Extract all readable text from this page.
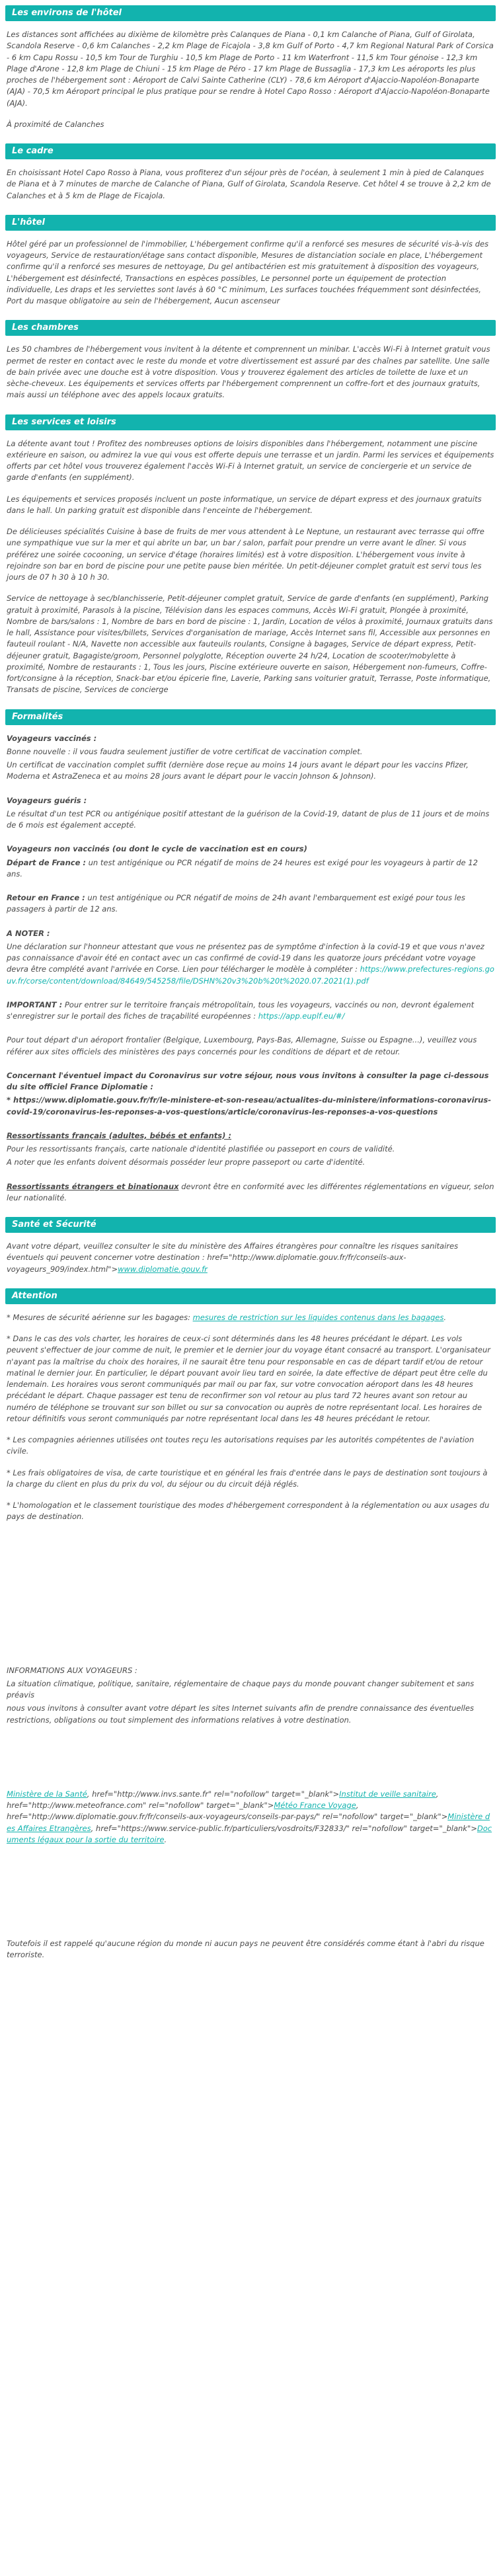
Les environs de l'hôtel

Les distances sont affichées au dixième de kilomètre près Calanques de Piana - 0,1 km Calanche of Piana, Gulf of Girolata, Scandola Reserve - 0,6 km Calanches - 2,2 km Plage de Ficajola - 3,8 km Gulf of Porto - 4,7 km Regional Natural Park of Corsica - 6 km Capu Rossu - 10,5 km Tour de Turghiu - 10,5 km Plage de Porto - 11 km Waterfront - 11,5 km Tour génoise - 12,3 km Plage d'Arone - 12,8 km Plage de Chiuni - 15 km Plage de Péro - 17 km Plage de Bussaglia - 17,3 km Les aéroports les plus proches de l'hébergement sont : Aéroport de Calvi Sainte Catherine (CLY) - 78,6 km Aéroport d'Ajaccio-Napoléon-Bonaparte (AJA) - 70,5 km Aéroport principal le plus pratique pour se rendre à Hotel Capo Rosso : Aéroport d'Ajaccio-Napoléon-Bonaparte (AJA).

À proximité de Calanches

Le cadre

En choisissant Hotel Capo Rosso à Piana, vous profiterez d'un séjour près de l'océan, à seulement 1 min à pied de Calanques de Piana et à 7 minutes de marche de Calanche of Piana, Gulf of Girolata, Scandola Reserve. Cet hôtel 4 se trouve à 2,2 km de Calanches et à 5 km de Plage de Ficajola.

L'hôtel

Hôtel géré par un professionnel de l'immobilier, L'hébergement confirme qu'il a renforcé ses mesures de sécurité vis-à-vis des voyageurs, Service de restauration/étage sans contact disponible, Mesures de distanciation sociale en place, L'hébergement confirme qu'il a renforcé ses mesures de nettoyage, Du gel antibactérien est mis gratuitement à disposition des voyageurs, L'hébergement est désinfecté, Transactions en espèces possibles, Le personnel porte un équipement de protection individuelle, Les draps et les serviettes sont lavés à 60 °C minimum, Les surfaces touchées fréquemment sont désinfectées, Port du masque obligatoire au sein de l'hébergement, Aucun ascenseur

Les chambres

Les 50 chambres de l'hébergement vous invitent à la détente et comprennent un minibar. L'accès Wi-Fi à Internet gratuit vous permet de rester en contact avec le reste du monde et votre divertissement est assuré par des chaînes par satellite. Une salle de bain privée avec une douche est à votre disposition. Vous y trouverez également des articles de toilette de luxe et un sèche-cheveux. Les équipements et services offerts par l'hébergement comprennent un coffre-fort et des journaux gratuits, mais aussi un téléphone avec des appels locaux gratuits.

Les services et loisirs

La détente avant tout ! Profitez des nombreuses options de loisirs disponibles dans l'hébergement, notamment une piscine extérieure en saison, ou admirez la vue qui vous est offerte depuis une terrasse et un jardin. Parmi les services et équipements offerts par cet hôtel vous trouverez également l'accès Wi-Fi à Internet gratuit, un service de conciergerie et un service de garde d'enfants (en supplément).

Les équipements et services proposés incluent un poste informatique, un service de départ express et des journaux gratuits dans le hall. Un parking gratuit est disponible dans l'enceinte de l'hébergement.

De délicieuses spécialités Cuisine à base de fruits de mer vous attendent à Le Neptune, un restaurant avec terrasse qui offre une sympathique vue sur la mer et qui abrite un bar, un bar / salon, parfait pour prendre un verre avant le dîner. Si vous préférez une soirée cocooning, un service d'étage (horaires limités) est à votre disposition. L'hébergement vous invite à rejoindre son bar en bord de piscine pour une petite pause bien méritée. Un petit-déjeuner complet gratuit est servi tous les jours de 07 h 30 à 10 h 30.

Service de nettoyage à sec/blanchisserie, Petit-déjeuner complet gratuit, Service de garde d'enfants (en supplément), Parking gratuit à proximité, Parasols à la piscine, Télévision dans les espaces communs, Accès Wi-Fi gratuit, Plongée à proximité, Nombre de bars/salons : 1, Nombre de bars en bord de piscine : 1, Jardin, Location de vélos à proximité, Journaux gratuits dans le hall, Assistance pour visites/billets, Services d'organisation de mariage, Accès Internet sans fil, Accessible aux personnes en fauteuil roulant - N/A, Navette non accessible aux fauteuils roulants, Consigne à bagages, Service de départ express, Petit-déjeuner gratuit, Bagagiste/groom, Personnel polyglotte, Réception ouverte 24 h/24, Location de scooter/mobylette à proximité, Nombre de restaurants : 1, Tous les jours, Piscine extérieure ouverte en saison, Hébergement non-fumeurs, Coffre-fort/consigne à la réception, Snack-bar et/ou épicerie fine, Laverie, Parking sans voiturier gratuit, Terrasse, Poste informatique, Transats de piscine, Services de concierge

Formalités

Voyageurs vaccinés :

Bonne nouvelle : il vous faudra seulement justifier de votre certificat de vaccination complet.

Un certificat de vaccination complet suffit (dernière dose reçue au moins 14 jours avant le départ pour les vaccins Pfizer, Moderna et AstraZeneca et au moins 28 jours avant le départ pour le vaccin Johnson & Johnson).

Voyageurs guéris :

Le résultat d'un test PCR ou antigénique positif attestant de la guérison de la Covid-19, datant de plus de 11 jours et de moins de 6 mois est également accepté.

Voyageurs non vaccinés (ou dont le cycle de vaccination est en cours)

Départ de France : un test antigénique ou PCR négatif de moins de 24 heures est exigé pour les voyageurs à partir de 12 ans.

Retour en France : un test antigénique ou PCR négatif de moins de 24h avant l'embarquement est exigé pour tous les passagers à partir de 12 ans.

A NOTER :

Une déclaration sur l'honneur attestant que vous ne présentez pas de symptôme d'infection à la covid-19 et que vous n'avez pas connaissance d'avoir été en contact avec un cas confirmé de covid-19 dans les quatorze jours précédant votre voyage devra être complété avant l'arrivée en Corse. Lien pour télécharger le modèle à compléter : https://www.prefectures-regions.gouv.fr/corse/content/download/84649/545258/file/DSHN%20v3%20b%20t%2020.07.2021(1).pdf

IMPORTANT : Pour entrer sur le territoire français métropolitain, tous les voyageurs, vaccinés ou non, devront également s'enregistrer sur le portail des fiches de traçabilité européennes : https://app.euplf.eu/#/

Pour tout départ d'un aéroport frontalier (Belgique, Luxembourg, Pays-Bas, Allemagne, Suisse ou Espagne...), veuillez vous référer aux sites officiels des ministères des pays concernés pour les conditions de départ et de retour.

Concernant l'éventuel impact du Coronavirus sur votre séjour, nous vous invitons à consulter la page ci-dessous du site officiel France Diplomatie :

* https://www.diplomatie.gouv.fr/fr/le-ministere-et-son-reseau/actualites-du-ministere/informations-coronavirus-covid-19/coronavirus-les-reponses-a-vos-questions/article/coronavirus-les-reponses-a-vos-questions

Ressortissants français (adultes, bébés et enfants) :

Pour les ressortissants français, carte nationale d'identité plastifiée ou passeport en cours de validité.

A noter que les enfants doivent désormais posséder leur propre passeport ou carte d'identité.

Ressortissants étrangers et binationaux devront être en conformité avec les différentes réglementations en vigueur, selon leur nationalité.

Santé et Sécurité

Avant votre départ, veuillez consulter le site du ministère des Affaires étrangères pour connaître les risques sanitaires éventuels qui peuvent concerner votre destination : href="http://www.diplomatie.gouv.fr/fr/conseils-aux-voyageurs_909/index.html">www.diplomatie.gouv.fr

Attention

* Mesures de sécurité aérienne sur les bagages: mesures de restriction sur les liquides contenus dans les bagages.

* Dans le cas des vols charter, les horaires de ceux-ci sont déterminés dans les 48 heures précédant le départ. Les vols peuvent s'effectuer de jour comme de nuit, le premier et le dernier jour du voyage étant consacré au transport. L'organisateur n'ayant pas la maîtrise du choix des horaires, il ne saurait être tenu pour responsable en cas de départ tardif et/ou de retour matinal le dernier jour. En particulier, le départ pouvant avoir lieu tard en soirée, la date effective de départ peut être celle du lendemain. Les horaires vous seront communiqués par mail ou par fax, sur votre convocation aéroport dans les 48 heures précédant le départ. Chaque passager est tenu de reconfirmer son vol retour au plus tard 72 heures avant son retour au numéro de téléphone se trouvant sur son billet ou sur sa convocation ou auprès de notre représentant local. Les horaires de retour définitifs vous seront communiqués par notre représentant local dans les 48 heures précédant le retour.

* Les compagnies aériennes utilisées ont toutes reçu les autorisations requises par les autorités compétentes de l'aviation civile.

* Les frais obligatoires de visa, de carte touristique et en général les frais d'entrée dans le pays de destination sont toujours à la charge du client en plus du prix du vol, du séjour ou du circuit déjà réglés.

* L'homologation et le classement touristique des modes d'hébergement correspondent à la réglementation ou aux usages du pays de destination.

INFORMATIONS AUX VOYAGEURS :

La situation climatique, politique, sanitaire, réglementaire de chaque pays du monde pouvant changer subitement et sans préavis

nous vous invitons à consulter avant votre départ les sites Internet suivants afin de prendre connaissance des éventuelles restrictions, obligations ou tout simplement des informations relatives à votre destination.

Ministère de la Santé, href="http://www.invs.sante.fr" rel="nofollow" target="_blank">Institut de veille sanitaire, href="http://www.meteofrance.com" rel="nofollow" target="_blank">Météo France Voyage, href="http://www.diplomatie.gouv.fr/fr/conseils-aux-voyageurs/conseils-par-pays/" rel="nofollow" target="_blank">Ministère des Affaires Etrangères, href="https://www.service-public.fr/particuliers/vosdroits/F32833/" rel="nofollow" target="_blank">Documents légaux pour la sortie du territoire.

Toutefois il est rappelé qu'aucune région du monde ni aucun pays ne peuvent être considérés comme étant à l'abri du risque terroriste.
